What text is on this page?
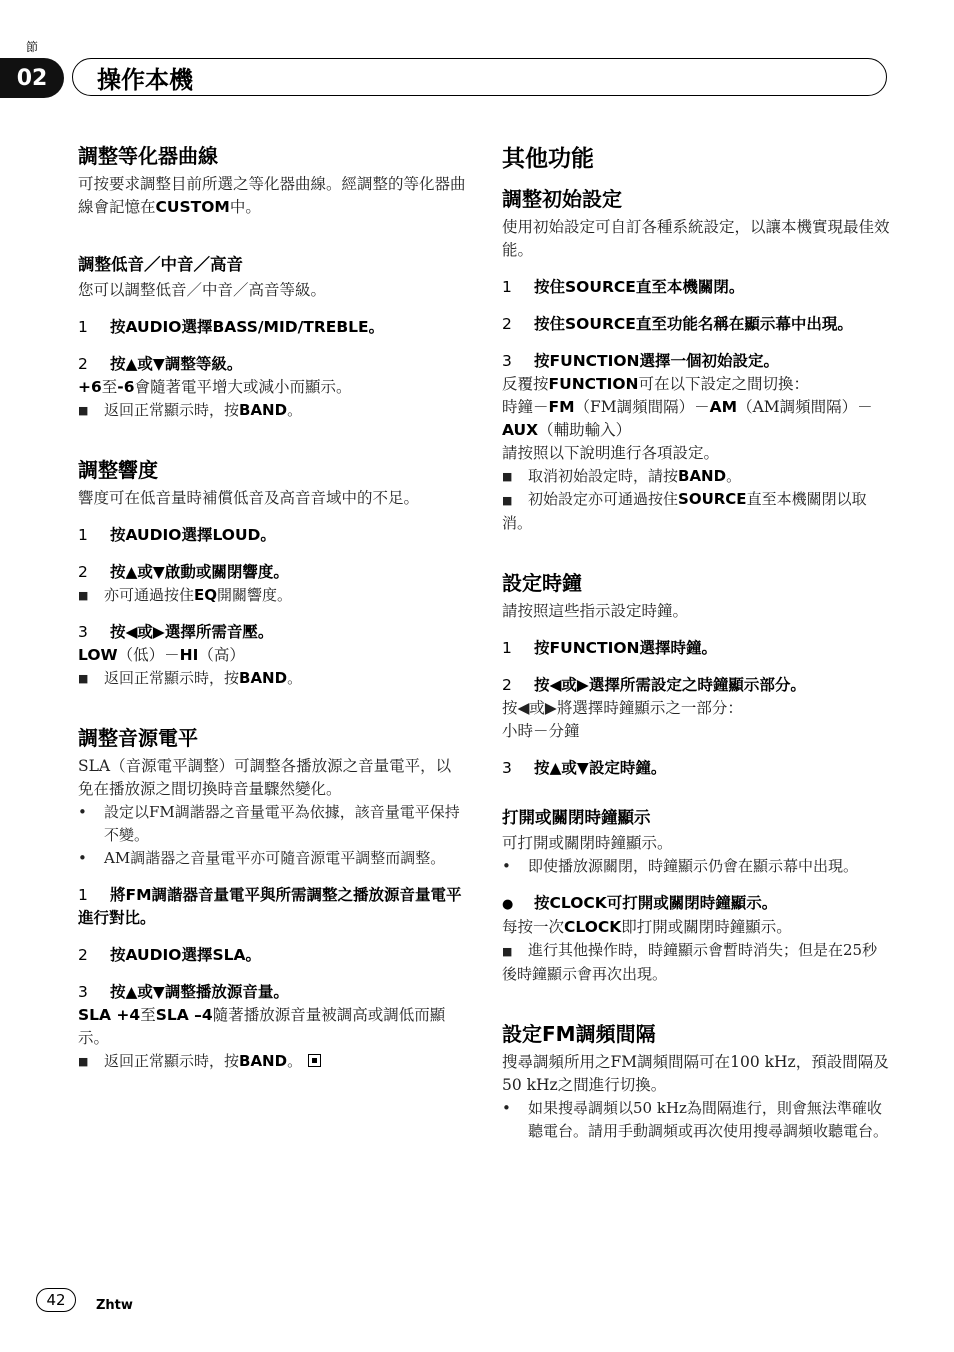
節
02	操作本機
調整等化器曲線

可按要求調整目前所選之等化器曲線。經調整的等化器曲線會記憶在CUSTOM中。

調整低音／中音／高音

您可以調整低音／中音／高音等級。

1 按AUDIO選擇BASS/MID/TREBLE。

2 按▲或▼調整等級。

+6至-6會隨著電平增大或減小而顯示。

■	返回正常顯示時，按BAND。
調整響度

響度可在低音量時補償低音及高音音域中的不足。

1 按AUDIO選擇LOUD。

2 按▲或▼啟動或關閉響度。

■	亦可通過按住EQ開關響度。

3 按◀或▶選擇所需音壓。

LOW（低）－HI（高）

■	返回正常顯示時，按BAND。
調整音源電平

SLA（音源電平調整）可調整各播放源之音量電平，以免在播放源之間切換時音量驟然變化。

•	設定以FM調諧器之音量電平為依據，該音量電平保持不變。
•	AM調諧器之音量電平亦可隨音源電平調整而調整。

1 將FM調諧器音量電平與所需調整之播放源音量電平進行對比。

2 按AUDIO選擇SLA。

3 按▲或▼調整播放源音量。

SLA +4至SLA –4隨著播放源音量被調高或調低而顯示。

■	返回正常顯示時，按BAND。
其他功能
調整初始設定

使用初始設定可自訂各種系統設定，以讓本機實現最佳效能。

1 按住SOURCE直至本機關閉。

2 按住SOURCE直至功能名稱在顯示幕中出現。

3 按FUNCTION選擇一個初始設定。

反覆按FUNCTION可在以下設定之間切換：

時鐘－FM（FM調頻間隔）－AM（AM調頻間隔）－AUX（輔助輸入）

請按照以下說明進行各項設定。

■	取消初始設定時，請按BAND。

■ 初始設定亦可通過按住SOURCE直至本機關閉以取消。

設定時鐘

請按照這些指示設定時鐘。

1 按FUNCTION選擇時鐘。

2 按◀或▶選擇所需設定之時鐘顯示部分。

按◀或▶將選擇時鐘顯示之一部分：

小時－分鐘

3 按▲或▼設定時鐘。

打開或關閉時鐘顯示

可打開或關閉時鐘顯示。

•	即使播放源關閉，時鐘顯示仍會在顯示幕中出現。

● 按CLOCK可打開或關閉時鐘顯示。

每按一次CLOCK即打開或關閉時鐘顯示。

■ 進行其他操作時，時鐘顯示會暫時消失；但是在25秒後時鐘顯示會再次出現。

設定FM調頻間隔

搜尋調頻所用之FM調頻間隔可在100 kHz，預設間隔及50 kHz之間進行切換。

•	如果搜尋調頻以50 kHz為間隔進行，則會無法準確收聽電台。請用手動調頻或再次使用搜尋調頻收聽電台。
42	Zhtw
